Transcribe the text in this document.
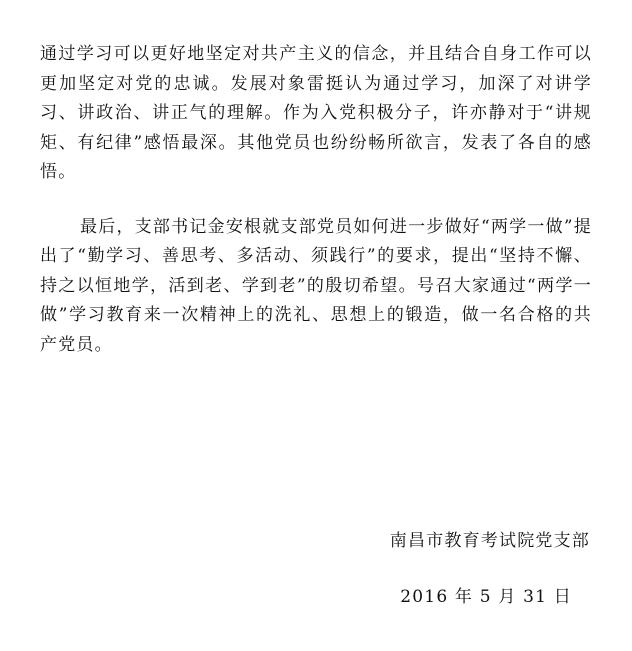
通过学习可以更好地坚定对共产主义的信念，并且结合自身工作可以更加坚定对党的忠诚。发展对象雷挺认为通过学习，加深了对讲学习、讲政治、讲正气的理解。作为入党积极分子，许亦静对于“讲规矩、有纪律”感悟最深。其他党员也纷纷畅所欲言，发表了各自的感悟。

最后，支部书记金安根就支部党员如何进一步做好“两学一做”提出了“勤学习、善思考、多活动、须践行”的要求，提出“坚持不懈、持之以恒地学，活到老、学到老”的殷切希望。号召大家通过“两学一做”学习教育来一次精神上的洗礼、思想上的锻造，做一名合格的共产党员。

南昌市教育考试院党支部
2016 年 5 月 31 日
